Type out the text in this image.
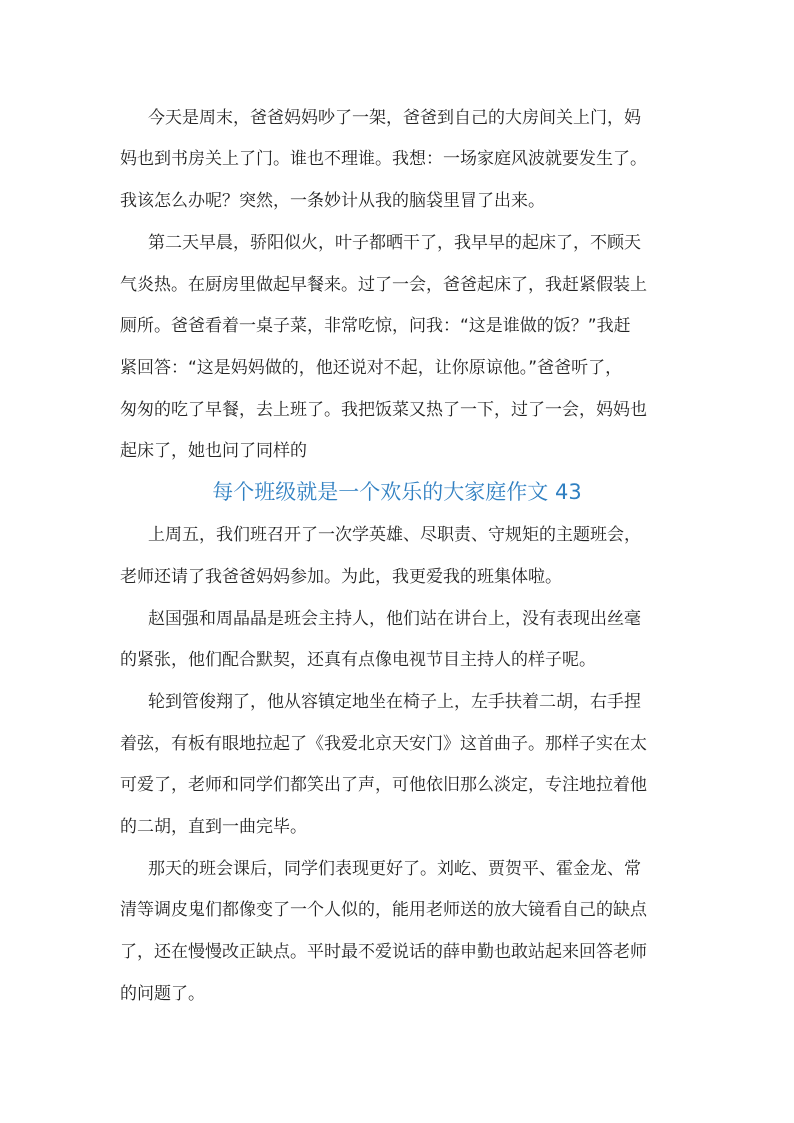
今天是周末，爸爸妈妈吵了一架，爸爸到自己的大房间关上门，妈
妈也到书房关上了门。谁也不理谁。我想：一场家庭风波就要发生了。
我该怎么办呢？突然，一条妙计从我的脑袋里冒了出来。
第二天早晨，骄阳似火，叶子都晒干了，我早早的起床了，不顾天
气炎热。在厨房里做起早餐来。过了一会，爸爸起床了，我赶紧假装上
厕所。爸爸看着一桌子菜，非常吃惊，问我：“这是谁做的饭？”我赶
紧回答：“这是妈妈做的，他还说对不起，让你原谅他。”爸爸听了，
匆匆的吃了早餐，去上班了。我把饭菜又热了一下，过了一会，妈妈也
起床了，她也问了同样的
每个班级就是一个欢乐的大家庭作文 43
上周五，我们班召开了一次学英雄、尽职责、守规矩的主题班会，
老师还请了我爸爸妈妈参加。为此，我更爱我的班集体啦。
赵国强和周晶晶是班会主持人，他们站在讲台上，没有表现出丝毫
的紧张，他们配合默契，还真有点像电视节目主持人的样子呢。
轮到管俊翔了，他从容镇定地坐在椅子上，左手扶着二胡，右手捏
着弦，有板有眼地拉起了《我爱北京天安门》这首曲子。那样子实在太
可爱了，老师和同学们都笑出了声，可他依旧那么淡定，专注地拉着他
的二胡，直到一曲完毕。
那天的班会课后，同学们表现更好了。刘屹、贾贺平、霍金龙、常
清等调皮鬼们都像变了一个人似的，能用老师送的放大镜看自己的缺点
了，还在慢慢改正缺点。平时最不爱说话的薛申勤也敢站起来回答老师
的问题了。
